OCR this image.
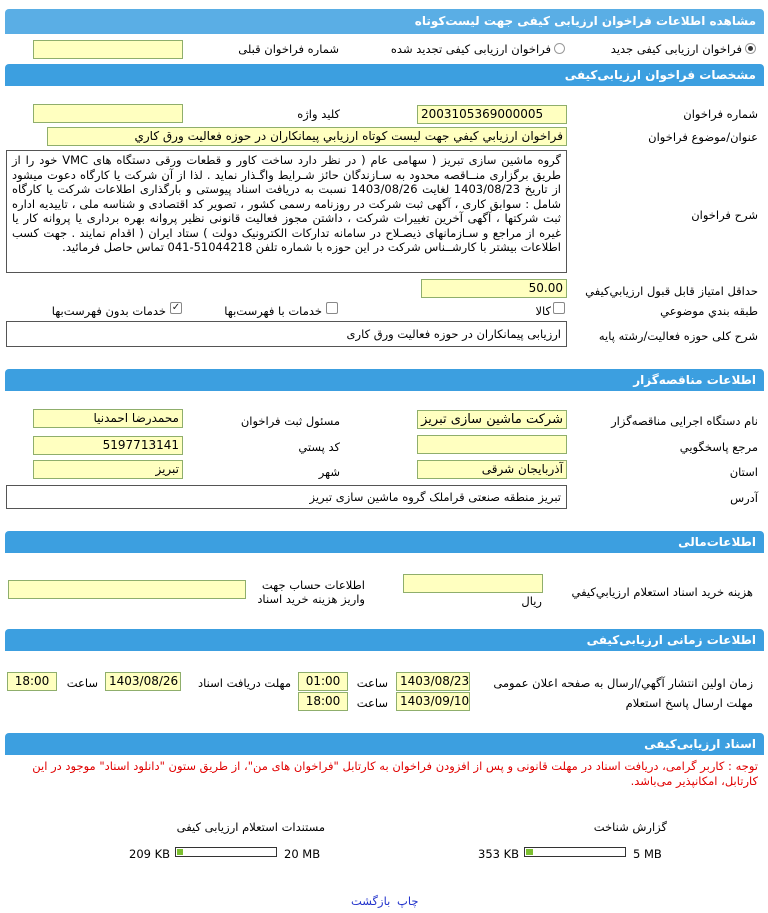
مشاهده اطلاعات فراخوان ارزیابی کیفی جهت لیست‌کوتاه
فراخوان ارزیابی کیفی جدید
فراخوان ارزیابی کیفی تجدید شده
شماره فراخوان قبلی
مشخصات فراخوان ارزیابی‌کیفی
شماره فراخوان
2003105369000005
کلید واژه
عنوان/موضوع فراخوان
فراخوان ارزيابي كيفي جهت ليست كوتاه ارزيابي پيمانكاران در حوزه فعاليت ورق كاري
شرح فراخوان
گروه ماشین سازی تبریز ( سهامی عام ( در نظر دارد ساخت کاور و قطعات ورقی دستگاه های VMC خود را از طریق برگزاری منــاقصه محدود به سـازندگان حائز شـرایط واگـذار نماید . لذا از آن شرکت یا کارگاه دعوت میشود از تاریخ 1403/08/23 لغایت 1403/08/26 نسبت به دریافت اسناد پیوستی و بارگذاری اطلاعات شرکت یا کارگاه شامل : سوابق کاری ، آگهی ثبت شرکت در روزنامه رسمی کشور ، تصویر کد اقتصادی و شناسه ملی ، تاییدیه اداره ثبت شرکتها ، آگهی آخرین تغییرات شرکت ، داشتن مجوز فعالیت قانونی نظیر پروانه بهره برداری یا پروانه کار یا غیره از مراجع و سـازمانهای ذیصـلاح در سامانه تدارکات الکترونیک دولت ) ستاد ایران ( اقدام نمایند . جهت کسب اطلاعات بیشتر با کارشــناس شرکت در این حوزه با شماره تلفن 51044218-041 تماس حاصل فرمائید.
حداقل امتياز قابل قبول ارزيابي‌كيفي
50.00
طبقه بندي موضوعي
کالا
خدمات با فهرست‌بها
✓
خدمات بدون فهرست‌بها
شرح کلی حوزه فعالیت/رشته پایه
ارزیابی پیمانکاران در حوزه فعالیت ورق کاری
اطلاعات مناقصه‌گزار
نام دستگاه اجرایی مناقصه‌گزار
شرکت ماشین سازی تبریز
مسئول ثبت فراخوان
محمدرضا احمدنیا
مرجع پاسخگويي
کد پستي
5197713141
استان
آذربایجان شرقی
شهر
تبریز
آدرس
تبریز منطقه صنعتی قراملک گروه ماشین سازی تبریز
اطلاعات‌مالی
هزينه خريد اسناد استعلام ارزيابي‌کيفي
ريال
اطلاعات حساب جهت
واريز هزينه خريد اسناد
اطلاعات زمانی ارزیابی‌کیفی
زمان اولین انتشار آگهي/ارسال به صفحه اعلان عمومی
1403/08/23
ساعت
01:00
مهلت دریافت اسناد
1403/08/26
ساعت
18:00
مهلت ارسال پاسخ استعلام
1403/09/10
ساعت
18:00
اسناد ارزیابی‌کیفی
توجه : کاربر گرامی، دریافت اسناد در مهلت قانونی و پس از افزودن فراخوان به کارتابل "فراخوان های من"، از طریق ستون "دانلود اسناد" موجود در این کارتابل، امکانپذیر می‌باشد.
گزارش شناخت
5 MB
353 KB
مستندات استعلام ارزیابی کیفی
20 MB
209 KB
چاپ
بازگشت
